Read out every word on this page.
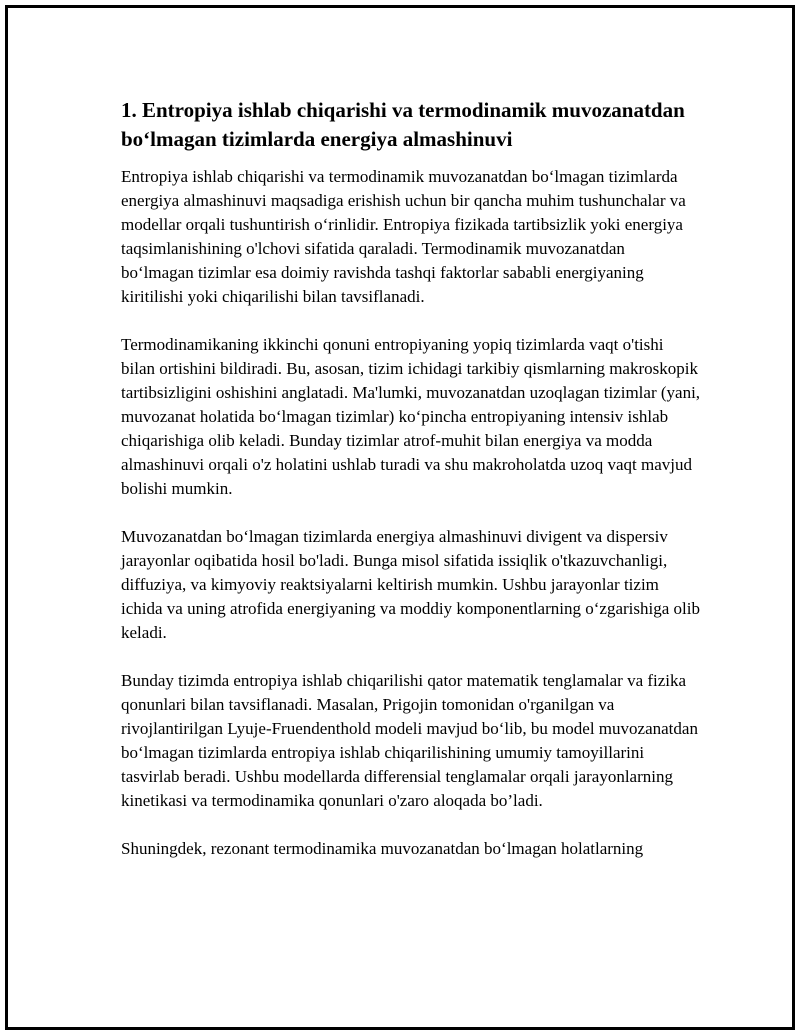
1. Entropiya ishlab chiqarishi va termodinamik muvozanatdan boʻlmagan tizimlarda energiya almashinuvi

Entropiya ishlab chiqarishi va termodinamik muvozanatdan boʻlmagan tizimlarda energiya almashinuvi maqsadiga erishish uchun bir qancha muhim tushunchalar va modellar orqali tushuntirish oʻrinlidir. Entropiya fizikada tartibsizlik yoki energiya taqsimlanishining o'lchovi sifatida qaraladi. Termodinamik muvozanatdan boʻlmagan tizimlar esa doimiy ravishda tashqi faktorlar sababli energiyaning kiritilishi yoki chiqarilishi bilan tavsiflanadi.

Termodinamikaning ikkinchi qonuni entropiyaning yopiq tizimlarda vaqt o'tishi bilan ortishini bildiradi. Bu, asosan, tizim ichidagi tarkibiy qismlarning makroskopik tartibsizligini oshishini anglatadi. Ma'lumki, muvozanatdan uzoqlagan tizimlar (yani, muvozanat holatida boʻlmagan tizimlar) koʻpincha entropiyaning intensiv ishlab chiqarishiga olib keladi. Bunday tizimlar atrof-muhit bilan energiya va modda almashinuvi orqali o'z holatini ushlab turadi va shu makroholatda uzoq vaqt mavjud bolishi mumkin.

Muvozanatdan boʻlmagan tizimlarda energiya almashinuvi divigent va dispersiv jarayonlar oqibatida hosil bo'ladi. Bunga misol sifatida issiqlik o'tkazuvchanligi, diffuziya, va kimyoviy reaktsiyalarni keltirish mumkin. Ushbu jarayonlar tizim ichida va uning atrofida energiyaning va moddiy komponentlarning oʻzgarishiga olib keladi.

Bunday tizimda entropiya ishlab chiqarilishi qator matematik tenglamalar va fizika qonunlari bilan tavsiflanadi. Masalan, Prigojin tomonidan o'rganilgan va rivojlantirilgan Lyuje-Fruendenthold modeli mavjud bo‘lib, bu model muvozanatdan boʻlmagan tizimlarda entropiya ishlab chiqarilishining umumiy tamoyillarini tasvirlab beradi. Ushbu modellarda differensial tenglamalar orqali jarayonlarning kinetikasi va termodinamika qonunlari o'zaro aloqada bo’ladi.

Shuningdek, rezonant termodinamika muvozanatdan boʻlmagan holatlarning
